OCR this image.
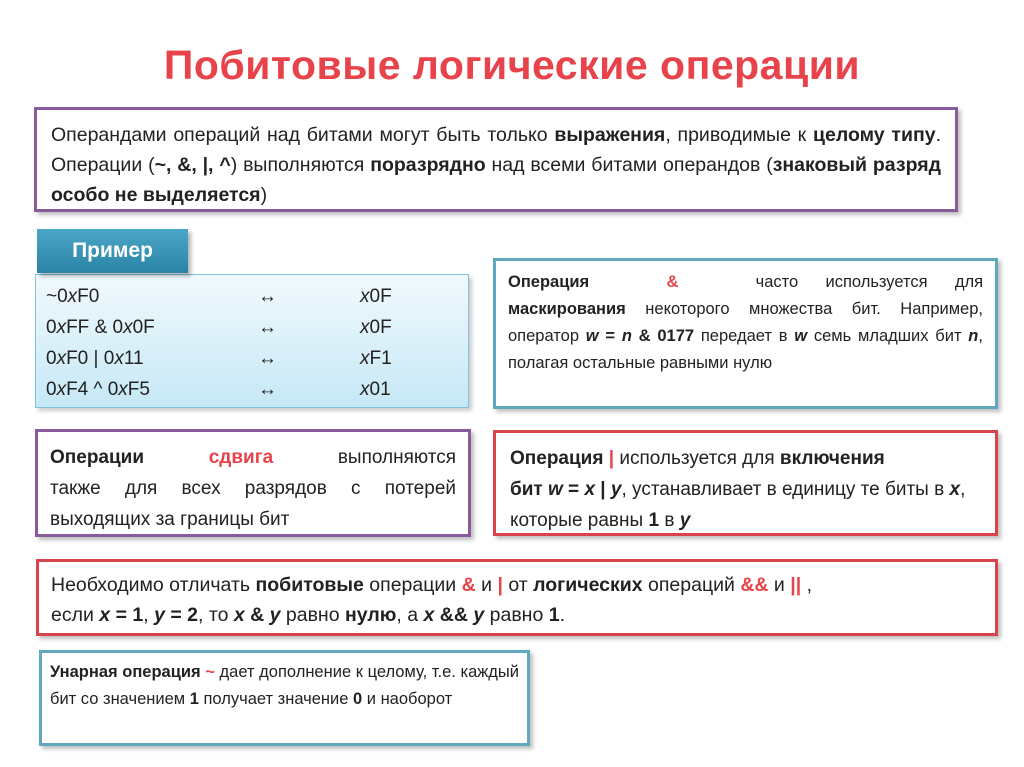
Побитовые логические операции
Операндами операций над битами могут быть только выражения, приводимые к целому типу. Операции (~, &, |, ^) выполняются поразрядно над всеми битами операндов (знаковый разряд особо не выделяется)
Пример
~0xF0	↔	x0F
0xFF & 0x0F	↔	x0F
0xF0 | 0x11	↔	xF1
0xF4 ^ 0xF5	↔	x01
Операция	&	часто используется для маскирования некоторого множества бит. Например, оператор w = n & 0177 передает в w семь младших бит n, полагая остальные равными нулю
Операции	сдвига	выполняются также для всех разрядов с потерей выходящих за границы бит
Операция | используется для включения
бит w = x | y, устанавливает в единицу те биты в x, которые равны 1 в y
Необходимо отличать побитовые операции & и | от логических операций && и || ,
если x = 1, y = 2, то x & y равно нулю, а x && y равно 1.
Унарная операция ~ дает дополнение к целому, т.е. каждый бит со значением 1 получает значение 0 и наоборот
